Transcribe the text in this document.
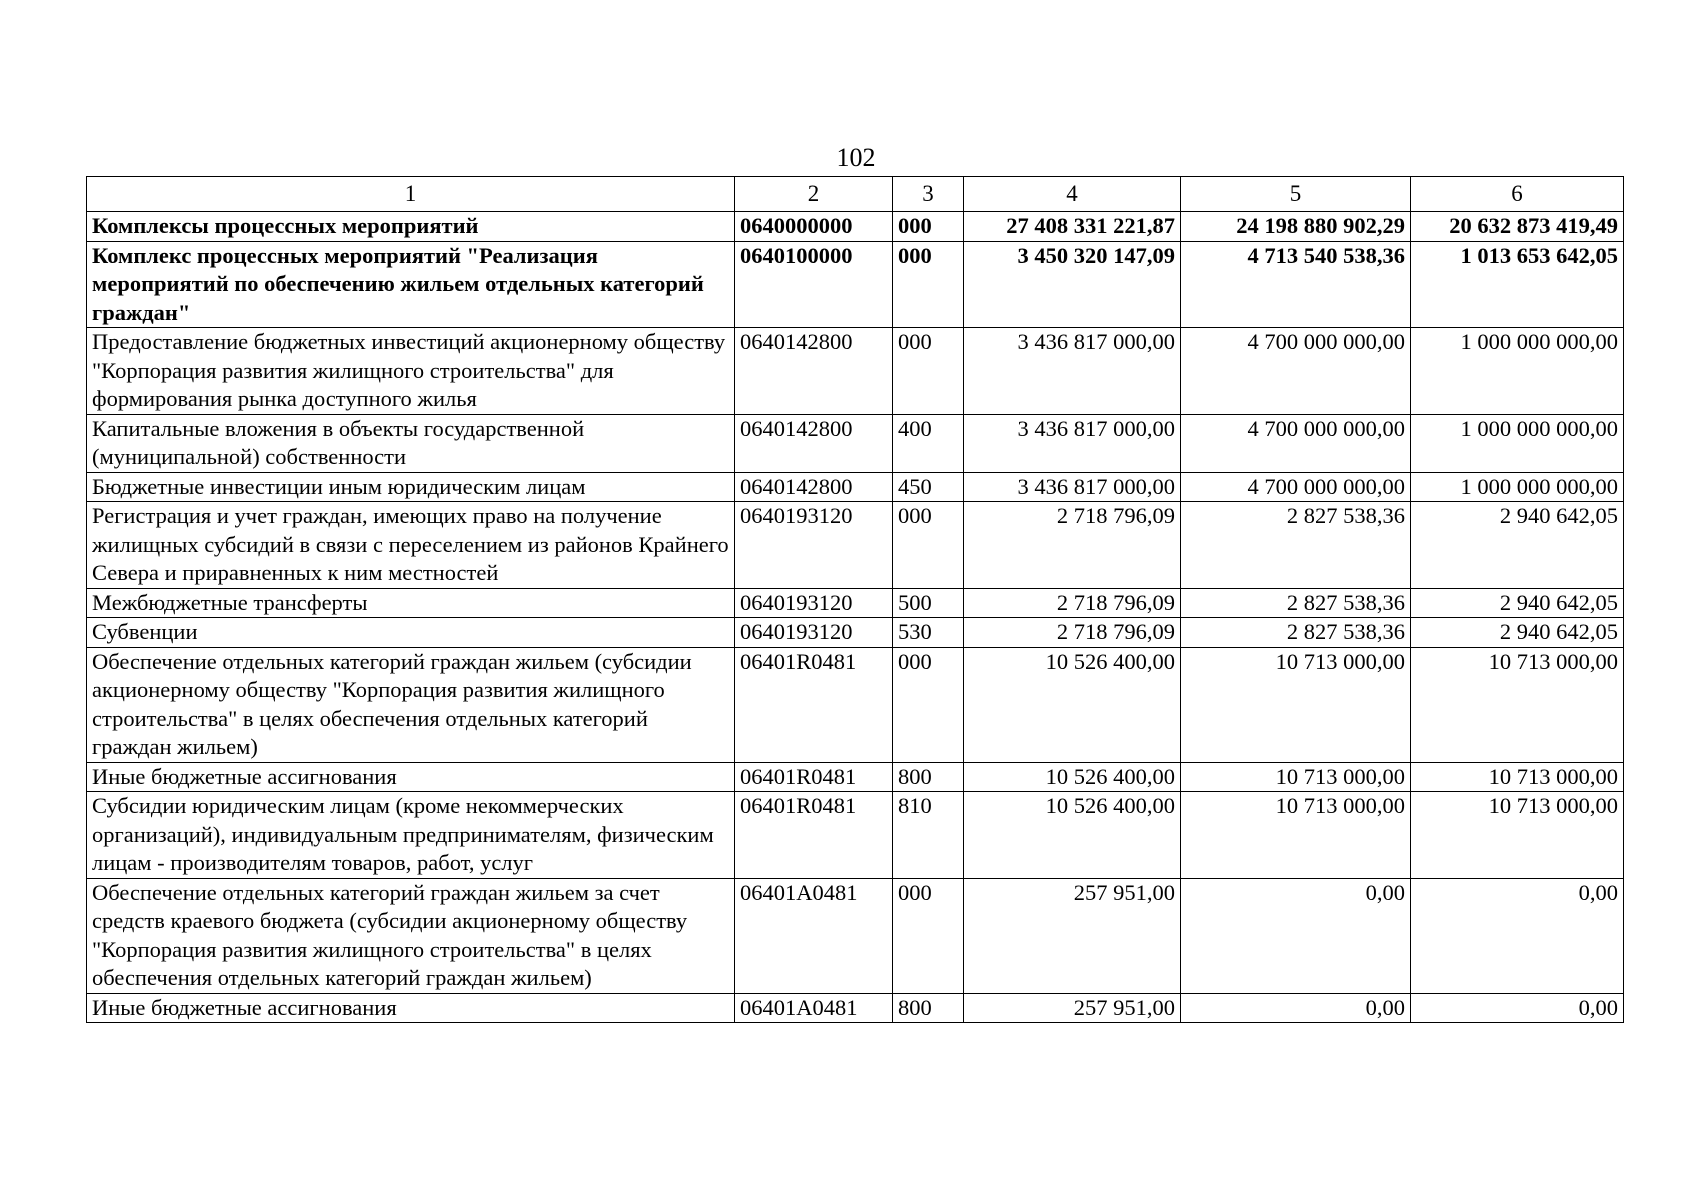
102
1	2	3	4	5	6
Комплексы процессных мероприятий	0640000000	000	27 408 331 221,87	24 198 880 902,29	20 632 873 419,49
Комплекс процессных мероприятий "Реализация мероприятий по обеспечению жильем отдельных категорий граждан"	0640100000	000	3 450 320 147,09	4 713 540 538,36	1 013 653 642,05
Предоставление бюджетных инвестиций акционерному обществу "Корпорация развития жилищного строительства" для формирования рынка доступного жилья	0640142800	000	3 436 817 000,00	4 700 000 000,00	1 000 000 000,00
Капитальные вложения в объекты государственной (муниципальной) собственности	0640142800	400	3 436 817 000,00	4 700 000 000,00	1 000 000 000,00
Бюджетные инвестиции иным юридическим лицам	0640142800	450	3 436 817 000,00	4 700 000 000,00	1 000 000 000,00
Регистрация и учет граждан, имеющих право на получение жилищных субсидий в связи с переселением из районов Крайнего Севера и приравненных к ним местностей	0640193120	000	2 718 796,09	2 827 538,36	2 940 642,05
Межбюджетные трансферты	0640193120	500	2 718 796,09	2 827 538,36	2 940 642,05
Субвенции	0640193120	530	2 718 796,09	2 827 538,36	2 940 642,05
Обеспечение отдельных категорий граждан жильем (субсидии акционерному обществу "Корпорация развития жилищного строительства" в целях обеспечения отдельных категорий граждан жильем)	06401R0481	000	10 526 400,00	10 713 000,00	10 713 000,00
Иные бюджетные ассигнования	06401R0481	800	10 526 400,00	10 713 000,00	10 713 000,00
Субсидии юридическим лицам (кроме некоммерческих организаций), индивидуальным предпринимателям, физическим лицам - производителям товаров, работ, услуг	06401R0481	810	10 526 400,00	10 713 000,00	10 713 000,00
Обеспечение отдельных категорий граждан жильем за счет средств краевого бюджета (субсидии акционерному обществу "Корпорация развития жилищного строительства" в целях обеспечения отдельных категорий граждан жильем)	06401A0481	000	257 951,00	0,00	0,00
Иные бюджетные ассигнования	06401A0481	800	257 951,00	0,00	0,00
